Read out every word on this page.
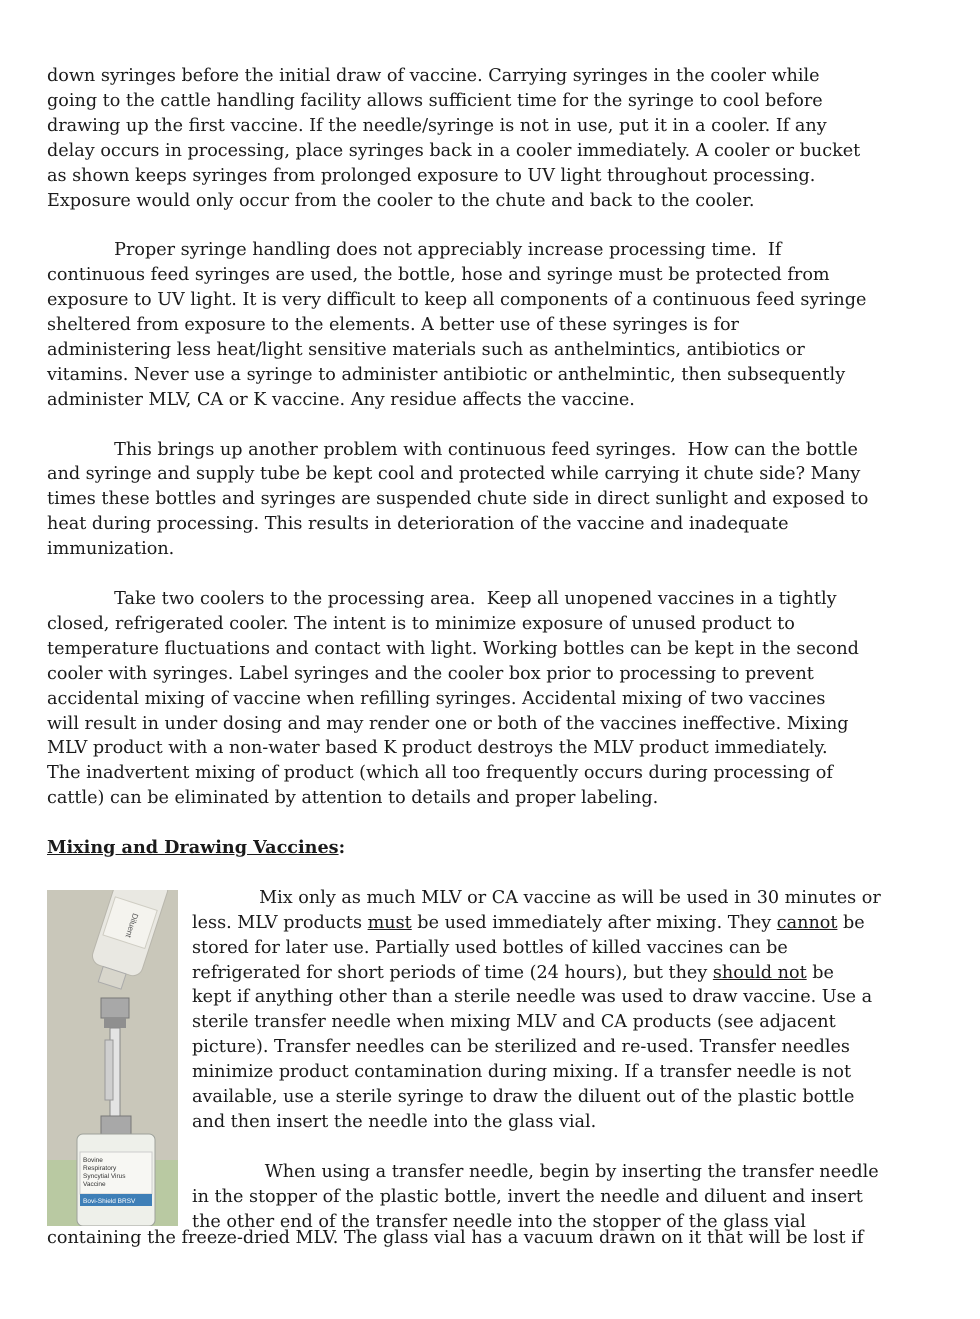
down syringes before the initial draw of vaccine. Carrying syringes in the cooler while

going to the cattle handling facility allows sufficient time for the syringe to cool before

drawing up the first vaccine. If the needle/syringe is not in use, put it in a cooler. If any

delay occurs in processing, place syringes back in a cooler immediately. A cooler or bucket

as shown keeps syringes from prolonged exposure to UV light throughout processing.

Exposure would only occur from the cooler to the chute and back to the cooler.

Proper syringe handling does not appreciably increase processing time.  If

continuous feed syringes are used, the bottle, hose and syringe must be protected from

exposure to UV light. It is very difficult to keep all components of a continuous feed syringe

sheltered from exposure to the elements. A better use of these syringes is for

administering less heat/light sensitive materials such as anthelmintics, antibiotics or

vitamins. Never use a syringe to administer antibiotic or anthelmintic, then subsequently

administer MLV, CA or K vaccine. Any residue affects the vaccine.

This brings up another problem with continuous feed syringes.  How can the bottle

and syringe and supply tube be kept cool and protected while carrying it chute side? Many

times these bottles and syringes are suspended chute side in direct sunlight and exposed to

heat during processing. This results in deterioration of the vaccine and inadequate

immunization.

Take two coolers to the processing area.  Keep all unopened vaccines in a tightly

closed, refrigerated cooler. The intent is to minimize exposure of unused product to

temperature fluctuations and contact with light. Working bottles can be kept in the second

cooler with syringes. Label syringes and the cooler box prior to processing to prevent

accidental mixing of vaccine when refilling syringes. Accidental mixing of two vaccines

will result in under dosing and may render one or both of the vaccines ineffective. Mixing

MLV product with a non-water based K product destroys the MLV product immediately.

The inadvertent mixing of product (which all too frequently occurs during processing of

cattle) can be eliminated by attention to details and proper labeling.

Mixing and Drawing Vaccines:

Diluent
Bovine
Respiratory
Syncytial Virus
Vaccine
Bovi-Shield BRSV

Mix only as much MLV or CA vaccine as will be used in 30 minutes or

less. MLV products must be used immediately after mixing. They cannot be

stored for later use. Partially used bottles of killed vaccines can be

refrigerated for short periods of time (24 hours), but they should not be

kept if anything other than a sterile needle was used to draw vaccine. Use a

sterile transfer needle when mixing MLV and CA products (see adjacent

picture). Transfer needles can be sterilized and re-used. Transfer needles

minimize product contamination during mixing. If a transfer needle is not

available, use a sterile syringe to draw the diluent out of the plastic bottle

and then insert the needle into the glass vial.

When using a transfer needle, begin by inserting the transfer needle

in the stopper of the plastic bottle, invert the needle and diluent and insert

the other end of the transfer needle into the stopper of the glass vial

containing the freeze-dried MLV. The glass vial has a vacuum drawn on it that will be lost if
